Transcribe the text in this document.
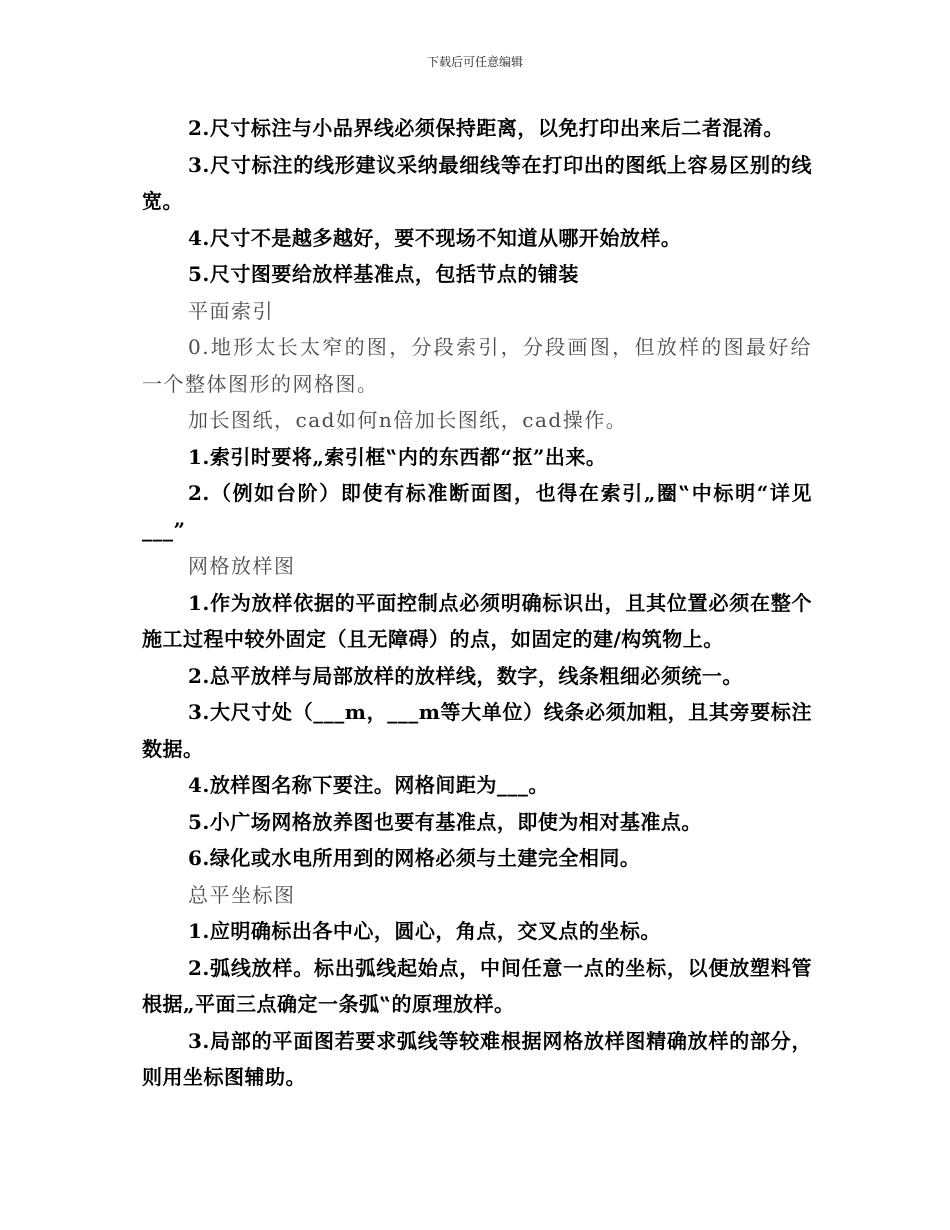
下载后可任意编辑

2.尺寸标注与小品界线必须保持距离，以免打印出来后二者混淆。

3.尺寸标注的线形建议采纳最细线等在打印出的图纸上容易区别的线宽。

4.尺寸不是越多越好，要不现场不知道从哪开始放样。

5.尺寸图要给放样基准点，包括节点的铺装

平面索引

0.地形太长太窄的图，分段索引，分段画图，但放样的图最好给一个整体图形的网格图。

加长图纸，cad如何n倍加长图纸，cad操作。

1.索引时要将„索引框‟内的东西都“抠”出来。

2.（例如台阶）即使有标准断面图，也得在索引„圈‟中标明“详见___”

网格放样图

1.作为放样依据的平面控制点必须明确标识出，且其位置必须在整个施工过程中较外固定（且无障碍）的点，如固定的建/构筑物上。

2.总平放样与局部放样的放样线，数字，线条粗细必须统一。

3.大尺寸处（___m，___m等大单位）线条必须加粗，且其旁要标注数据。

4.放样图名称下要注。网格间距为___。

5.小广场网格放养图也要有基准点，即使为相对基准点。

6.绿化或水电所用到的网格必须与土建完全相同。

总平坐标图

1.应明确标出各中心，圆心，角点，交叉点的坐标。

2.弧线放样。标出弧线起始点，中间任意一点的坐标，以便放塑料管根据„平面三点确定一条弧‟的原理放样。

3.局部的平面图若要求弧线等较难根据网格放样图精确放样的部分，则用坐标图辅助。
